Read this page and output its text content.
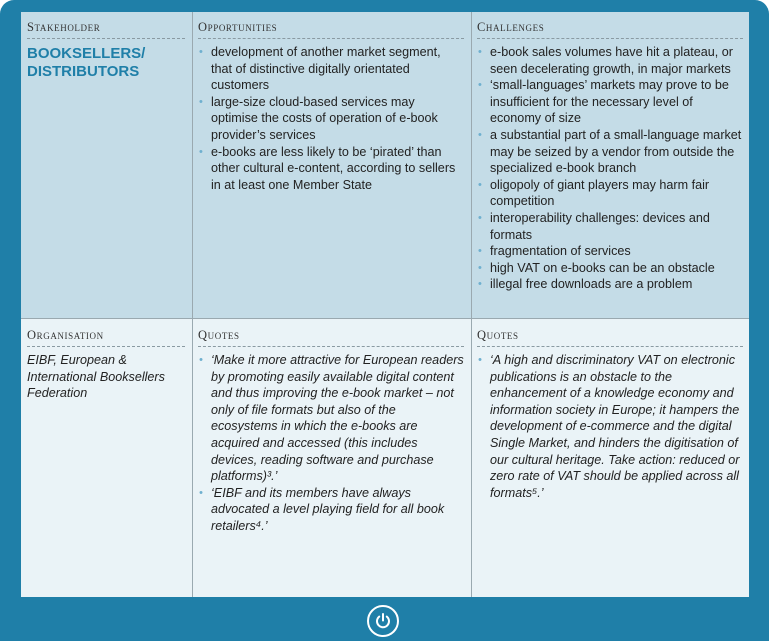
Stakeholder
BOOKSELLERS/ DISTRIBUTORS
Opportunities
• development of another market segment, that of distinctive digitally orientated customers
• large-size cloud-based services may optimise the costs of operation of e-book provider’s services
• e-books are less likely to be ‘pirated’ than other cultural e-content, according to sellers in at least one Member State
Challenges
• e-book sales volumes have hit a plateau, or seen decelerating growth, in major markets
• ‘small-languages’ markets may prove to be insufficient for the necessary level of economy of size
• a substantial part of a small-language market may be seized by a vendor from outside the specialized e-book branch
• oligopoly of giant players may harm fair competition
• interoperability challenges: devices and formats
• fragmentation of services
• high VAT on e-books can be an obstacle
• illegal free downloads are a problem
Organisation
EIBF, European & International Booksellers Federation
Quotes
• ‘Make it more attractive for European readers by promoting easily available digital content and thus improving the e-book market – not only of file formats but also of the ecosystems in which the e-books are acquired and accessed (this includes devices, reading software and purchase platforms)³.’
• ‘EIBF and its members have always advocated a level playing field for all book retailers⁴.’
Quotes
• ‘A high and discriminatory VAT on electronic publications is an obstacle to the enhancement of a knowledge economy and information society in Europe; it hampers the development of e-commerce and the digital Single Market, and hinders the digitisation of our cultural heritage. Take action: reduced or zero rate of VAT should be applied across all formats⁵.’
